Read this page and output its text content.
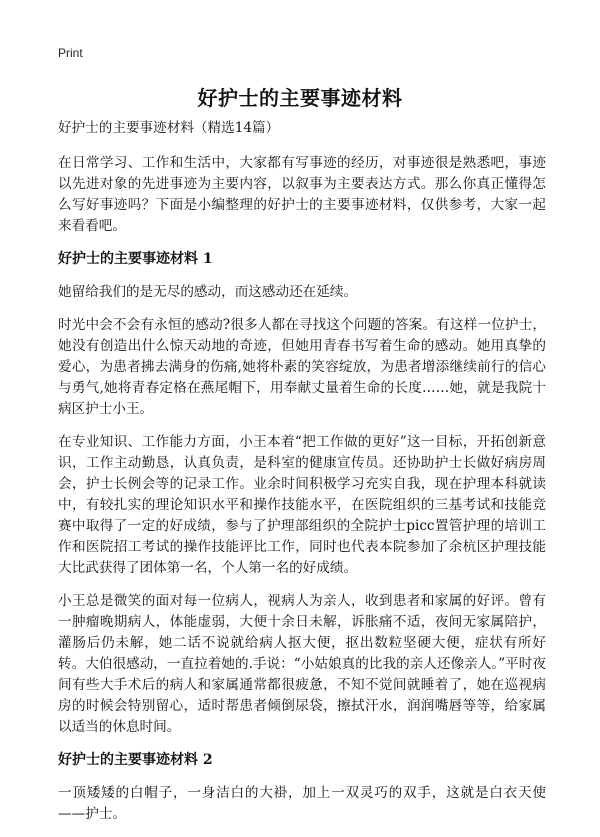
Print
好护士的主要事迹材料

好护士的主要事迹材料（精选14篇）

在日常学习、工作和生活中，大家都有写事迹的经历，对事迹很是熟悉吧，事迹以先进对象的先进事迹为主要内容，以叙事为主要表达方式。那么你真正懂得怎么写好事迹吗？下面是小编整理的好护士的主要事迹材料，仅供参考，大家一起来看看吧。

好护士的主要事迹材料 1

她留给我们的是无尽的感动，而这感动还在延续。

时光中会不会有永恒的感动?很多人都在寻找这个问题的答案。有这样一位护士，她没有创造出什么惊天动地的奇迹，但她用青春书写着生命的感动。她用真挚的爱心，为患者拂去满身的伤痛,她将朴素的笑容绽放，为患者增添继续前行的信心与勇气,她将青春定格在燕尾帽下，用奉献丈量着生命的长度……她，就是我院十病区护士小王。

在专业知识、工作能力方面，小王本着“把工作做的更好”这一目标，开拓创新意识，工作主动勤恳，认真负责，是科室的健康宣传员。还协助护士长做好病房周会，护士长例会等的记录工作。业余时间积极学习充实自我，现在护理本科就读中，有较扎实的理论知识水平和操作技能水平，在医院组织的三基考试和技能竞赛中取得了一定的好成绩，参与了护理部组织的全院护士picc置管护理的培训工作和医院招工考试的操作技能评比工作，同时也代表本院参加了余杭区护理技能大比武获得了团体第一名，个人第一名的好成绩。

小王总是微笑的面对每一位病人，视病人为亲人，收到患者和家属的好评。曾有一肿瘤晚期病人，体能虚弱，大便十余日未解，诉胀痛不适，夜间无家属陪护，灌肠后仍未解，她二话不说就给病人抠大便，抠出数粒坚硬大便，症状有所好转。大伯很感动，一直拉着她的.手说：“小姑娘真的比我的亲人还像亲人。”平时夜间有些大手术后的病人和家属通常都很疲惫，不知不觉间就睡着了，她在巡视病房的时候会特别留心，适时帮患者倾倒尿袋，擦拭汗水，润润嘴唇等等，给家属以适当的休息时间。

好护士的主要事迹材料 2

一顶矮矮的白帽子，一身洁白的大褂，加上一双灵巧的双手，这就是白衣天使——护士。
